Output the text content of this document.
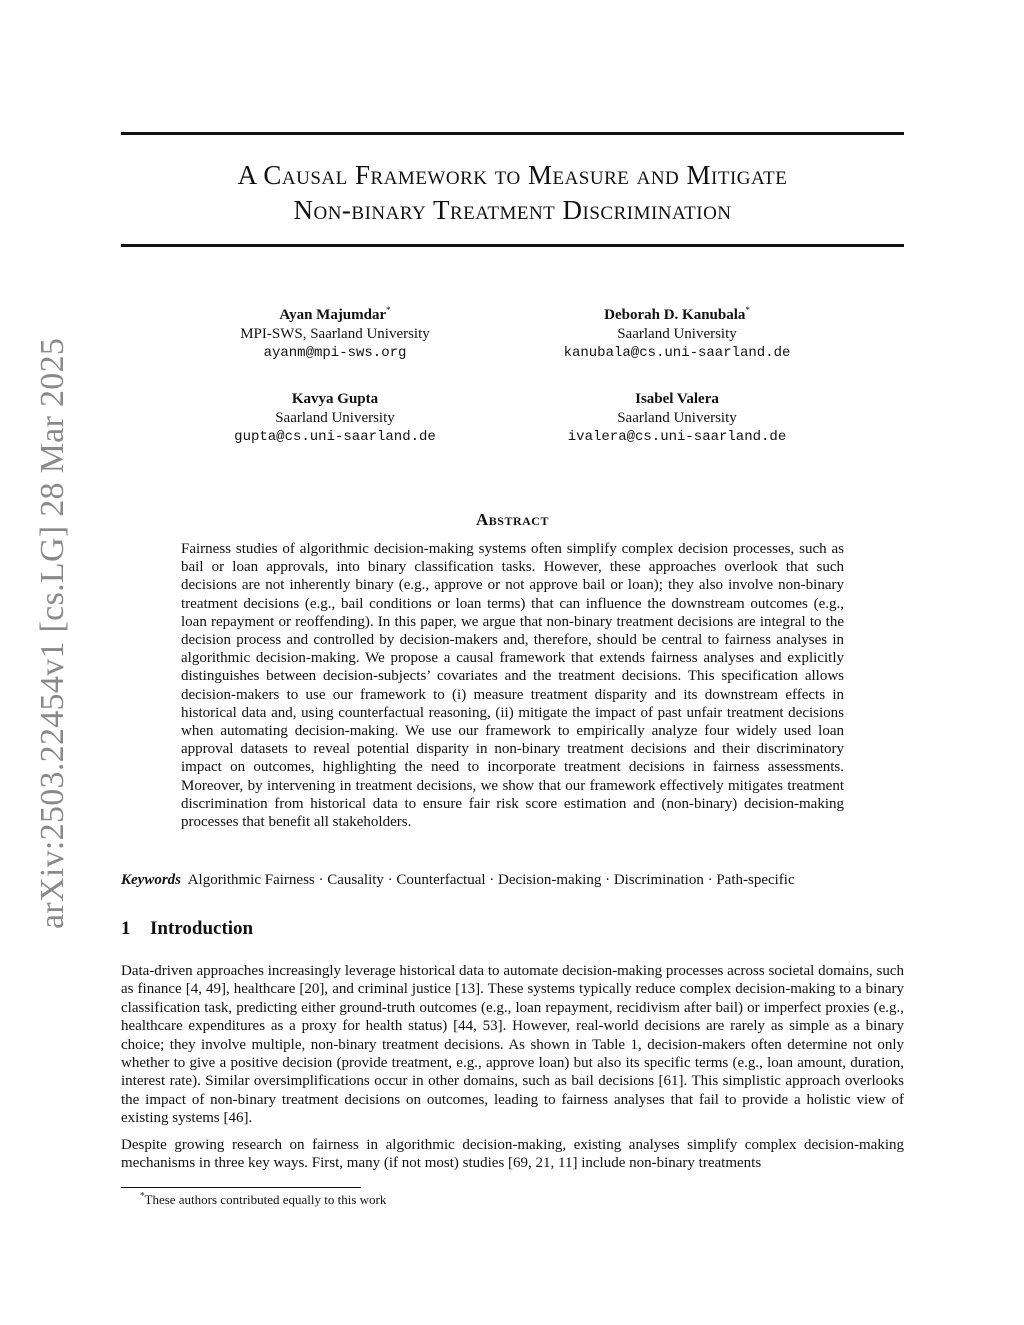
arXiv:2503.22454v1 [cs.LG] 28 Mar 2025
A Causal Framework to Measure and Mitigate
Non-binary Treatment Discrimination
Ayan Majumdar*
MPI-SWS, Saarland University
ayanm@mpi-sws.org
Deborah D. Kanubala*
Saarland University
kanubala@cs.uni-saarland.de
Kavya Gupta
Saarland University
gupta@cs.uni-saarland.de
Isabel Valera
Saarland University
ivalera@cs.uni-saarland.de
Abstract
Fairness studies of algorithmic decision-making systems often simplify complex decision processes, such as bail or loan approvals, into binary classification tasks. However, these approaches overlook that such decisions are not inherently binary (e.g., approve or not approve bail or loan); they also involve non-binary treatment decisions (e.g., bail conditions or loan terms) that can influence the downstream outcomes (e.g., loan repayment or reoffending). In this paper, we argue that non-binary treatment decisions are integral to the decision process and controlled by decision-makers and, therefore, should be central to fairness analyses in algorithmic decision-making. We propose a causal framework that extends fairness analyses and explicitly distinguishes between decision-subjects’ covariates and the treatment decisions. This specification allows decision-makers to use our framework to (i) measure treatment disparity and its downstream effects in historical data and, using counterfactual reasoning, (ii) mitigate the impact of past unfair treatment decisions when automating decision-making. We use our framework to empirically analyze four widely used loan approval datasets to reveal potential disparity in non-binary treatment decisions and their discriminatory impact on outcomes, highlighting the need to incorporate treatment decisions in fairness assessments. Moreover, by intervening in treatment decisions, we show that our framework effectively mitigates treatment discrimination from historical data to ensure fair risk score estimation and (non-binary) decision-making processes that benefit all stakeholders.
Keywords Algorithmic Fairness · Causality · Counterfactual · Decision-making · Discrimination · Path-specific
1 Introduction
Data-driven approaches increasingly leverage historical data to automate decision-making processes across societal domains, such as finance [4, 49], healthcare [20], and criminal justice [13]. These systems typically reduce complex decision-making to a binary classification task, predicting either ground-truth outcomes (e.g., loan repayment, recidivism after bail) or imperfect proxies (e.g., healthcare expenditures as a proxy for health status) [44, 53]. However, real-world decisions are rarely as simple as a binary choice; they involve multiple, non-binary treatment decisions. As shown in Table 1, decision-makers often determine not only whether to give a positive decision (provide treatment, e.g., approve loan) but also its specific terms (e.g., loan amount, duration, interest rate). Similar oversimplifications occur in other domains, such as bail decisions [61]. This simplistic approach overlooks the impact of non-binary treatment decisions on outcomes, leading to fairness analyses that fail to provide a holistic view of existing systems [46].
Despite growing research on fairness in algorithmic decision-making, existing analyses simplify complex decision-making mechanisms in three key ways. First, many (if not most) studies [69, 21, 11] include non-binary treatments
*These authors contributed equally to this work
